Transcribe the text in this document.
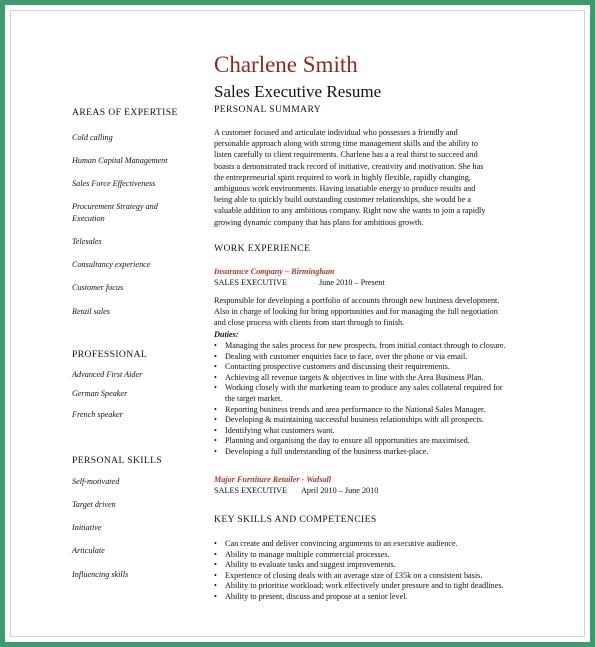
Charlene Smith
Sales Executive Resume
AREAS OF EXPERTISE
Cold calling
Human Capital Management
Sales Force Effectiveness
Procurement Strategy and
Execution
Telesales
Consultancy experience
Customer focus
Retail sales
PROFESSIONAL
Advanced First Aider
German Speaker
French speaker
PERSONAL SKILLS
Self-motivated
Target driven
Initiative
Articulate
Influencing skills
PERSONAL SUMMARY
A customer focused and articulate individual who possesses a friendly and
personable approach along with strong time management skills and the ability to
listen carefully to client requirements. Charlene has a a real thirst to succeed and
boasts a demonstrated track record of initiative, creativity and motivation. She has
the entrepreneurial spirit required to work in highly flexible, rapidly changing,
ambiguous work environments. Having insatiable energy to produce results and
being able to quickly build outstanding customer relationships, she would be a
valuable addition to any ambitious company. Right now she wants to join a rapidly
growing dynamic company that has plans for ambitious growth.
WORK EXPERIENCE
Insurance Company – Birmingham
SALES EXECUTIVE	June 2010 – Present
Responsible for developing a portfolio of accounts through new business development.
Also in charge of looking for bring opportunities and for managing the full negotiation
and close process with clients from start through to finish.
Duties:
• Managing the sales process for new prospects, from initial contact through to closure.
• Dealing with customer enquiries face to face, over the phone or via email.
• Contacting prospective customers and discussing their requirements.
• Achieving all revenue targets & objectives in line with the Area Business Plan.
• Working closely with the marketing team to produce any sales collateral required for
the target market.
• Reporting business trends and area performance to the National Sales Manager.
• Developing & maintaining successful business relationships with all prospects.
• Identifying what customers want.
• Planning and organising the day to ensure all opportunities are maximised.
• Developing a full understanding of the business market-place.
Major Furniture Retailer - Walsall
SALES EXECUTIVE April 2010 – June 2010
KEY SKILLS AND COMPETENCIES
• Can create and deliver convincing arguments to an executive audience.
• Ability to manage multiple commercial processes.
• Ability to evaluate tasks and suggest improvements.
• Experience of closing deals with an average size of £35k on a consistent basis.
• Ability to prioritise workload; work effectively under pressure and to tight deadlines.
• Ability to present, discuss and propose at a senior level.
